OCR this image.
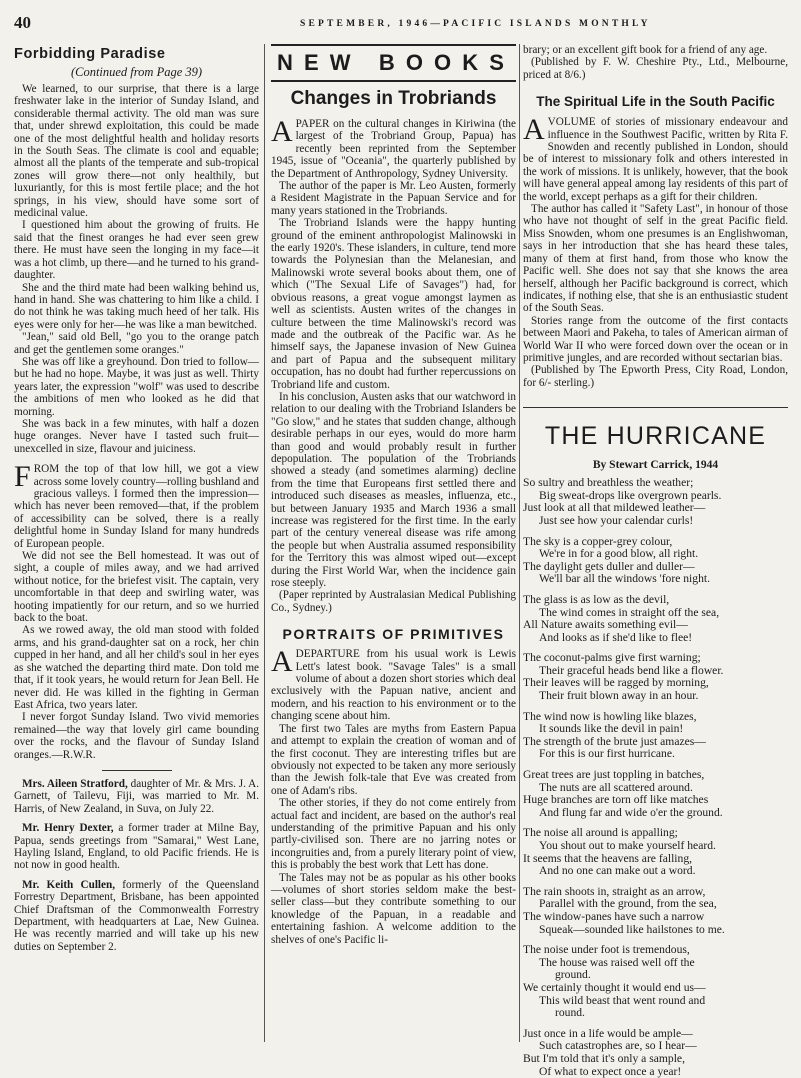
40	SEPTEMBER, 1946—PACIFIC ISLANDS MONTHLY
Forbidding Paradise
(Continued from Page 39)

We learned, to our surprise, that there is a large freshwater lake in the interior of Sunday Island, and considerable thermal activity. The old man was sure that, under shrewd exploitation, this could be made one of the most delightful health and holiday resorts in the South Seas. The climate is cool and equable; almost all the plants of the temperate and sub-tropical zones will grow there—not only healthily, but luxuriantly, for this is most fertile place; and the hot springs, in his view, should have some sort of medicinal value.

I questioned him about the growing of fruits. He said that the finest oranges he had ever seen grew there. He must have seen the longing in my face—it was a hot climb, up there—and he turned to his grand-daughter.

She and the third mate had been walking behind us, hand in hand. She was chattering to him like a child. I do not think he was taking much heed of her talk. His eyes were only for her—he was like a man bewitched.

"Jean," said old Bell, "go you to the orange patch and get the gentlemen some oranges."

She was off like a greyhound. Don tried to follow—but he had no hope. Maybe, it was just as well. Thirty years later, the expression "wolf" was used to describe the ambitions of men who looked as he did that morning.

She was back in a few minutes, with half a dozen huge oranges. Never have I tasted such fruit—unexcelled in size, flavour and juiciness.

FROM the top of that low hill, we got a view across some lovely country—rolling bushland and gracious valleys. I formed then the impression—which has never been removed—that, if the problem of accessibility can be solved, there is a really delightful home in Sunday Island for many hundreds of European people.

We did not see the Bell homestead. It was out of sight, a couple of miles away, and we had arrived without notice, for the briefest visit. The captain, very uncomfortable in that deep and swirling water, was hooting impatiently for our return, and so we hurried back to the boat.

As we rowed away, the old man stood with folded arms, and his grand-daughter sat on a rock, her chin cupped in her hand, and all her child's soul in her eyes as she watched the departing third mate. Don told me that, if it took years, he would return for Jean Bell. He never did. He was killed in the fighting in German East Africa, two years later.

I never forgot Sunday Island. Two vivid memories remained—the way that lovely girl came bounding over the rocks, and the flavour of Sunday Island oranges.—R.W.R.

Mrs. Aileen Stratford, daughter of Mr. & Mrs. J. A. Garnett, of Tailevu, Fiji, was married to Mr. M. Harris, of New Zealand, in Suva, on July 22.

Mr. Henry Dexter, a former trader at Milne Bay, Papua, sends greetings from "Samarai," West Lane, Hayling Island, England, to old Pacific friends. He is not now in good health.

Mr. Keith Cullen, formerly of the Queensland Forrestry Department, Brisbane, has been appointed Chief Draftsman of the Commonwealth Forrestry Department, with headquarters at Lae, New Guinea. He was recently married and will take up his new duties on September 2.

N E W
B O O K S
Changes in Trobriands

APAPER on the cultural changes in Kiriwina (the largest of the Trobriand Group, Papua) has recently been reprinted from the September 1945, issue of "Oceania", the quarterly published by the Department of Anthropology, Sydney University.

The author of the paper is Mr. Leo Austen, formerly a Resident Magistrate in the Papuan Service and for many years stationed in the Trobriands.

The Trobriand Islands were the happy hunting ground of the eminent anthropologist Malinowski in the early 1920's. These islanders, in culture, tend more towards the Polynesian than the Melanesian, and Malinowski wrote several books about them, one of which ("The Sexual Life of Savages") had, for obvious reasons, a great vogue amongst laymen as well as scientists. Austen writes of the changes in culture between the time Malinowski's record was made and the outbreak of the Pacific war. As he himself says, the Japanese invasion of New Guinea and part of Papua and the subsequent military occupation, has no doubt had further repercussions on Trobriand life and custom.

In his conclusion, Austen asks that our watchword in relation to our dealing with the Trobriand Islanders be "Go slow," and he states that sudden change, although desirable perhaps in our eyes, would do more harm than good and would probably result in further depopulation. The population of the Trobriands showed a steady (and sometimes alarming) decline from the time that Europeans first settled there and introduced such diseases as measles, influenza, etc., but between January 1935 and March 1936 a small increase was registered for the first time. In the early part of the century venereal disease was rife among the people but when Australia assumed responsibility for the Territory this was almost wiped out—except during the First World War, when the incidence gain rose steeply.

(Paper reprinted by Australasian Medical Publishing Co., Sydney.)

PORTRAITS OF PRIMITIVES

ADEPARTURE from his usual work is Lewis Lett's latest book. "Savage Tales" is a small volume of about a dozen short stories which deal exclusively with the Papuan native, ancient and modern, and his reaction to his environment or to the changing scene about him.

The first two Tales are myths from Eastern Papua and attempt to explain the creation of woman and of the first coconut. They are interesting trifles but are obviously not expected to be taken any more seriously than the Jewish folk-tale that Eve was created from one of Adam's ribs.

The other stories, if they do not come entirely from actual fact and incident, are based on the author's real understanding of the primitive Papuan and his only partly-civilised son. There are no jarring notes or incongruities and, from a purely literary point of view, this is probably the best work that Lett has done.

The Tales may not be as popular as his other books—volumes of short stories seldom make the best-seller class—but they contribute something to our knowledge of the Papuan, in a readable and entertaining fashion. A welcome addition to the shelves of one's Pacific li-

brary; or an excellent gift book for a friend of any age.

(Published by F. W. Cheshire Pty., Ltd., Melbourne, priced at 8/6.)

The Spiritual Life in the South Pacific

AVOLUME of stories of missionary endeavour and influence in the Southwest Pacific, written by Rita F. Snowden and recently published in London, should be of interest to missionary folk and others interested in the work of missions. It is unlikely, however, that the book will have general appeal among lay residents of this part of the world, except perhaps as a gift for their children.

The author has called it "Safety Last", in honour of those who have not thought of self in the great Pacific field. Miss Snowden, whom one presumes is an Englishwoman, says in her introduction that she has heard these tales, many of them at first hand, from those who know the Pacific well. She does not say that she knows the area herself, although her Pacific background is correct, which indicates, if nothing else, that she is an enthusiastic student of the South Seas.

Stories range from the outcome of the first contacts between Maori and Pakeha, to tales of American airman of World War II who were forced down over the ocean or in primitive jungles, and are recorded without sectarian bias.

(Published by The Epworth Press, City Road, London, for 6/- sterling.)

THE HURRICANE
By Stewart Carrick, 1944
So sultry and breathless the weather;
Big sweat-drops like overgrown pearls.
Just look at all that mildewed leather—
Just see how your calendar curls!
The sky is a copper-grey colour,
We're in for a good blow, all right.
The daylight gets duller and duller—
We'll bar all the windows 'fore night.
The glass is as low as the devil,
The wind comes in straight off the sea,
All Nature awaits something evil—
And looks as if she'd like to flee!
The coconut-palms give first warning;
Their graceful heads bend like a flower.
Their leaves will be ragged by morning,
Their fruit blown away in an hour.
The wind now is howling like blazes,
It sounds like the devil in pain!
The strength of the brute just amazes—
For this is our first hurricane.
Great trees are just toppling in batches,
The nuts are all scattered around.
Huge branches are torn off like matches
And flung far and wide o'er the ground.
The noise all around is appalling;
You shout out to make yourself heard.
It seems that the heavens are falling,
And no one can make out a word.
The rain shoots in, straight as an arrow,
Parallel with the ground, from the sea,
The window-panes have such a narrow
Squeak—sounded like hailstones to me.
The noise under foot is tremendous,
The house was raised well off the
ground.
We certainly thought it would end us—
This wild beast that went round and
round.
Just once in a life would be ample—
Such catastrophes are, so I hear—
But I'm told that it's only a sample,
Of what to expect once a year!
